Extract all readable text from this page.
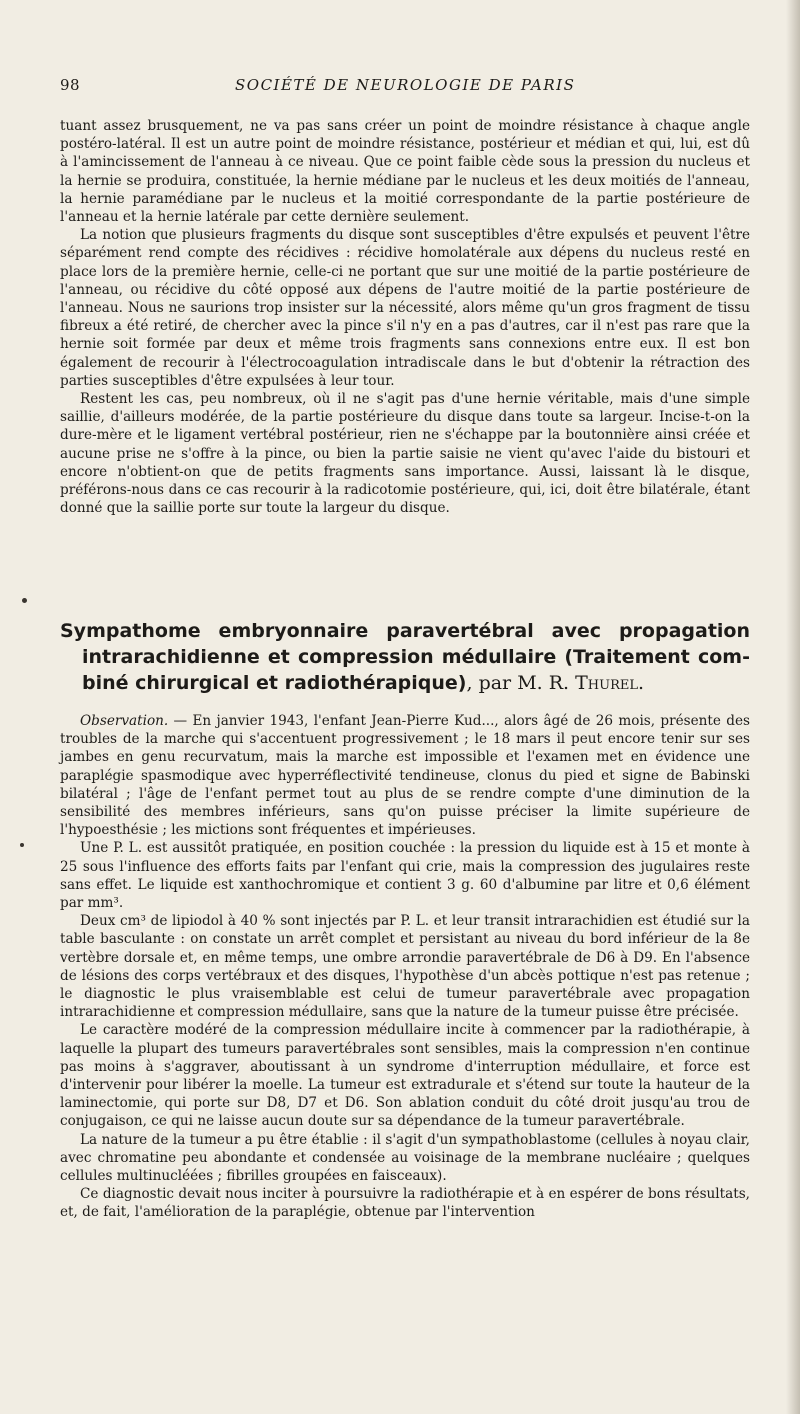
98	SOCIÉTÉ DE NEUROLOGIE DE PARIS

tuant assez brusquement, ne va pas sans créer un point de moindre résistance à chaque angle postéro-latéral. Il est un autre point de moindre résistance, postérieur et médian et qui, lui, est dû à l'amincissement de l'anneau à ce niveau. Que ce point faible cède sous la pression du nucleus et la hernie se produira, constituée, la hernie médiane par le nucleus et les deux moitiés de l'anneau, la hernie paramédiane par le nucleus et la moitié correspondante de la partie postérieure de l'anneau et la hernie latérale par cette dernière seulement.

La notion que plusieurs fragments du disque sont susceptibles d'être expulsés et peuvent l'être séparément rend compte des récidives : récidive homolatérale aux dépens du nucleus resté en place lors de la première hernie, celle-ci ne portant que sur une moitié de la partie postérieure de l'anneau, ou récidive du côté opposé aux dépens de l'autre moitié de la partie postérieure de l'anneau. Nous ne saurions trop insister sur la nécessité, alors même qu'un gros fragment de tissu fibreux a été retiré, de chercher avec la pince s'il n'y en a pas d'autres, car il n'est pas rare que la hernie soit formée par deux et même trois fragments sans connexions entre eux. Il est bon également de recourir à l'électrocoagulation intradiscale dans le but d'obtenir la rétraction des parties susceptibles d'être expulsées à leur tour.

Restent les cas, peu nombreux, où il ne s'agit pas d'une hernie véritable, mais d'une simple saillie, d'ailleurs modérée, de la partie postérieure du disque dans toute sa largeur. Incise-t-on la dure-mère et le ligament vertébral postérieur, rien ne s'échappe par la boutonnière ainsi créée et aucune prise ne s'offre à la pince, ou bien la partie saisie ne vient qu'avec l'aide du bistouri et encore n'obtient-on que de petits fragments sans importance. Aussi, laissant là le disque, préférons-nous dans ce cas recourir à la radicotomie postérieure, qui, ici, doit être bilatérale, étant donné que la saillie porte sur toute la largeur du disque.

Sympathome embryonnaire paravertébral avec propagation
intrarachidienne et compression médullaire (Traitement com-
biné chirurgical et radiothérapique), par M. R. Thurel.

Observation. — En janvier 1943, l'enfant Jean-Pierre Kud..., alors âgé de 26 mois, présente des troubles de la marche qui s'accentuent progressivement ; le 18 mars il peut encore tenir sur ses jambes en genu recurvatum, mais la marche est impossible et l'examen met en évidence une paraplégie spasmodique avec hyperréflectivité tendineuse, clonus du pied et signe de Babinski bilatéral ; l'âge de l'enfant permet tout au plus de se rendre compte d'une diminution de la sensibilité des membres inférieurs, sans qu'on puisse préciser la limite supérieure de l'hypoesthésie ; les mictions sont fréquentes et impérieuses.

Une P. L. est aussitôt pratiquée, en position couchée : la pression du liquide est à 15 et monte à 25 sous l'influence des efforts faits par l'enfant qui crie, mais la compression des jugulaires reste sans effet. Le liquide est xanthochromique et contient 3 g. 60 d'albumine par litre et 0,6 élément par mm³.

Deux cm³ de lipiodol à 40 % sont injectés par P. L. et leur transit intrarachidien est étudié sur la table basculante : on constate un arrêt complet et persistant au niveau du bord inférieur de la 8e vertèbre dorsale et, en même temps, une ombre arrondie paravertébrale de D6 à D9. En l'absence de lésions des corps vertébraux et des disques, l'hypothèse d'un abcès pottique n'est pas retenue ; le diagnostic le plus vraisemblable est celui de tumeur paravertébrale avec propagation intrarachidienne et compression médullaire, sans que la nature de la tumeur puisse être précisée.

Le caractère modéré de la compression médullaire incite à commencer par la radiothérapie, à laquelle la plupart des tumeurs paravertébrales sont sensibles, mais la compression n'en continue pas moins à s'aggraver, aboutissant à un syndrome d'interruption médullaire, et force est d'intervenir pour libérer la moelle. La tumeur est extradurale et s'étend sur toute la hauteur de la laminectomie, qui porte sur D8, D7 et D6. Son ablation conduit du côté droit jusqu'au trou de conjugaison, ce qui ne laisse aucun doute sur sa dépendance de la tumeur paravertébrale.

La nature de la tumeur a pu être établie : il s'agit d'un sympathoblastome (cellules à noyau clair, avec chromatine peu abondante et condensée au voisinage de la membrane nucléaire ; quelques cellules multinucléées ; fibrilles groupées en faisceaux).

Ce diagnostic devait nous inciter à poursuivre la radiothérapie et à en espérer de bons résultats, et, de fait, l'amélioration de la paraplégie, obtenue par l'intervention
